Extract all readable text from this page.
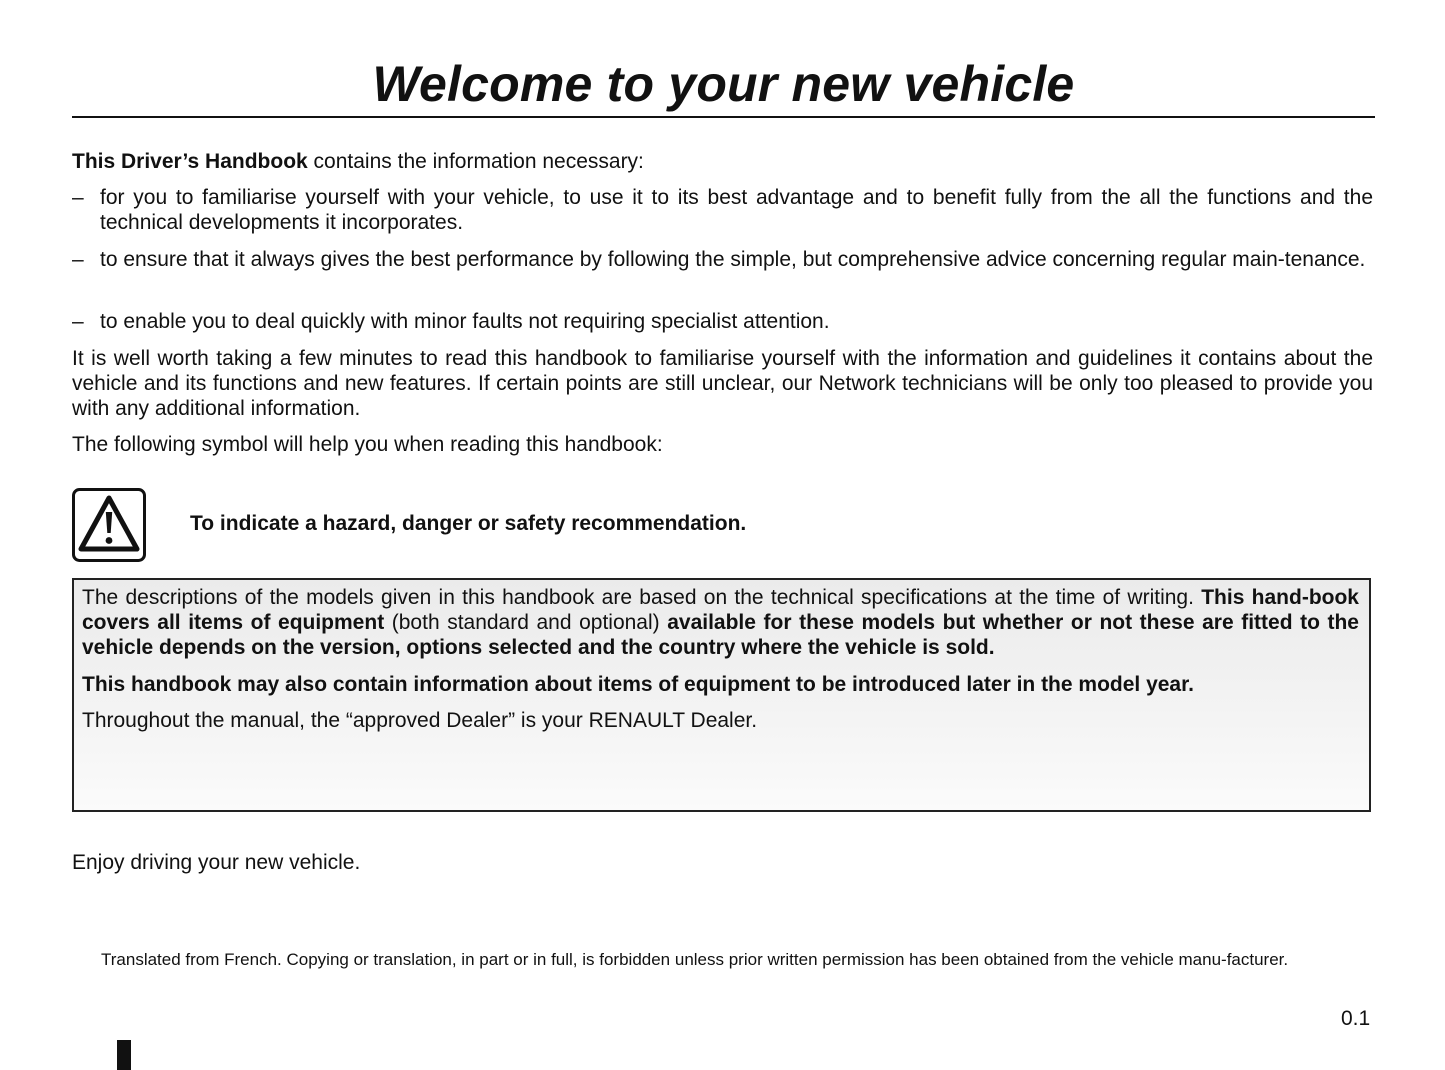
Welcome to your new vehicle

This Driver’s Handbook contains the information necessary:

– for you to familiarise yourself with your vehicle, to use it to its best advantage and to benefit fully from the all the functions and the technical developments it incorporates.
– to ensure that it always gives the best performance by following the simple, but comprehensive advice concerning regular main-tenance.
– to enable you to deal quickly with minor faults not requiring specialist attention.

It is well worth taking a few minutes to read this handbook to familiarise yourself with the information and guidelines it contains about the vehicle and its functions and new features. If certain points are still unclear, our Network technicians will be only too pleased to provide you with any additional information.

The following symbol will help you when reading this handbook:

To indicate a hazard, danger or safety recommendation.

The descriptions of the models given in this handbook are based on the technical specifications at the time of writing. This hand-book covers all items of equipment (both standard and optional) available for these models but whether or not these are fitted to the vehicle depends on the version, options selected and the country where the vehicle is sold.

This handbook may also contain information about items of equipment to be introduced later in the model year.

Throughout the manual, the “approved Dealer” is your RENAULT Dealer.

Enjoy driving your new vehicle.
Translated from French. Copying or translation, in part or in full, is forbidden unless prior written permission has been obtained from the vehicle manu-facturer.
0.1
